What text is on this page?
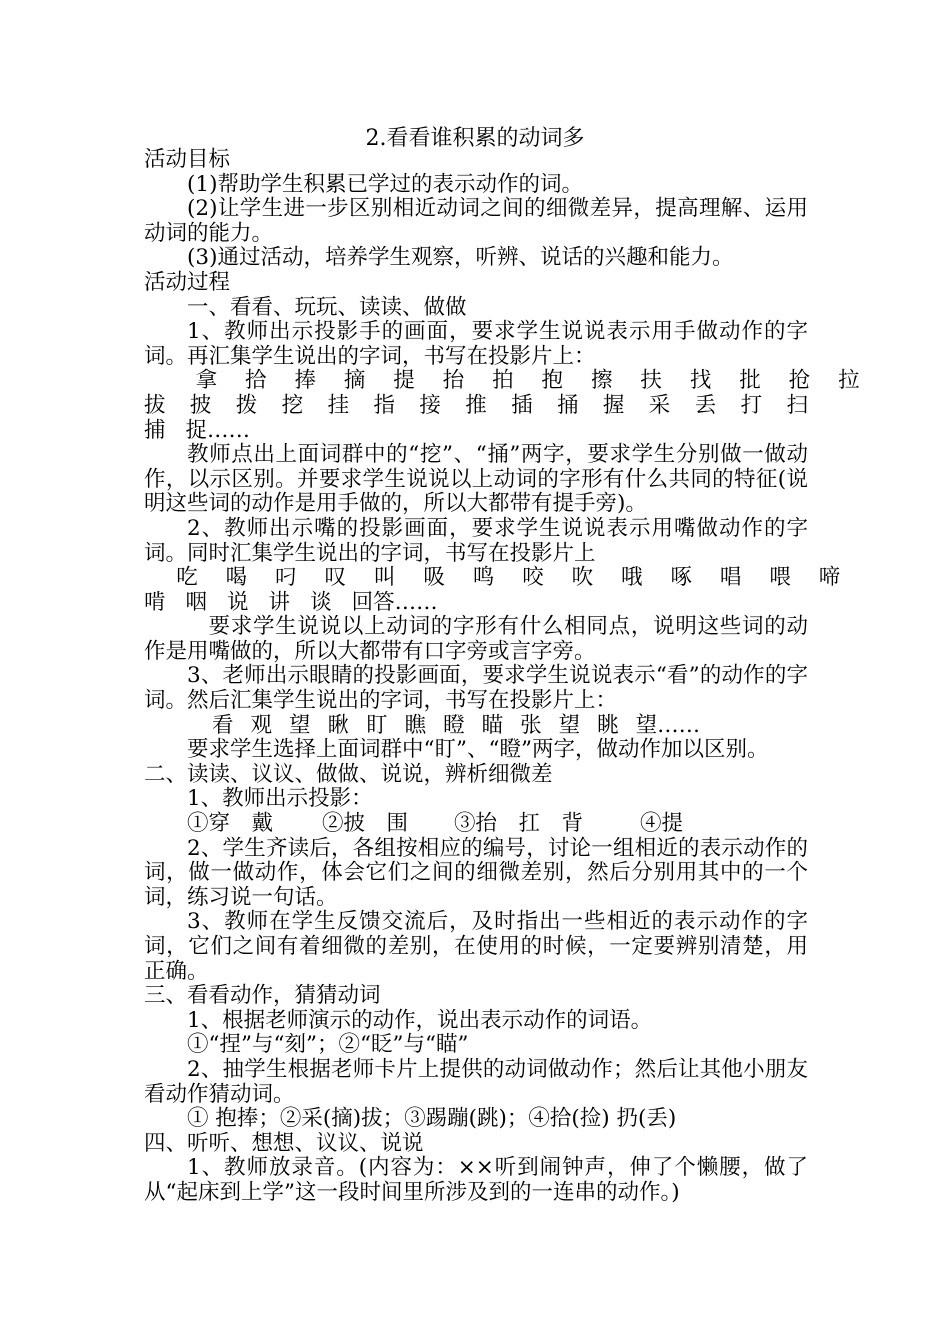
2.看看谁积累的动词多

活动目标

(1)帮助学生积累已学过的表示动作的词。

(2)让学生进一步区别相近动词之间的细微差异，提高理解、运用动词的能力。

(3)通过活动，培养学生观察，听辨、说话的兴趣和能力。

活动过程

一、看看、玩玩、读读、做做

1、教师出示投影手的画面，要求学生说说表示用手做动作的字词。再汇集学生说出的字词，书写在投影片上：

拿 拾 捧 摘 提 抬 拍 抱 擦 扶 找 批 抢 拉
拔 披 拨 挖 挂 指 接 推 插 捅 握 采 丢 打 扫
捕 捉……

教师点出上面词群中的“挖”、“捅”两字，要求学生分别做一做动作，以示区别。并要求学生说说以上动词的字形有什么共同的特征(说明这些词的动作是用手做的，所以大都带有提手旁)。

2、教师出示嘴的投影画面，要求学生说说表示用嘴做动作的字词。同时汇集学生说出的字词，书写在投影片上

吃 喝 叼 叹 叫 吸 鸣 咬 吹 哦 啄 唱 喂 啼
啃 咽 说 讲 谈 回答……

要求学生说说以上动词的字形有什么相同点，说明这些词的动作是用嘴做的，所以大都带有口字旁或言字旁。

3、老师出示眼睛的投影画面，要求学生说说表示“看”的动作的字词。然后汇集学生说出的字词，书写在投影片上：

看 观 望 瞅 盯 瞧 瞪 瞄 张 望 眺 望……

要求学生选择上面词群中“盯”、“瞪”两字，做动作加以区别。

二、读读、议议、做做、说说，辨析细微差

1、教师出示投影：

①穿　戴	②披　围	③抬　扛　背	④提

2、学生齐读后，各组按相应的编号，讨论一组相近的表示动作的词，做一做动作，体会它们之间的细微差别，然后分别用其中的一个词，练习说一句话。

3、教师在学生反馈交流后，及时指出一些相近的表示动作的字词，它们之间有着细微的差别，在使用的时候，一定要辨别清楚，用正确。

三、看看动作，猜猜动词

1、根据老师演示的动作，说出表示动作的词语。

①“捏”与“刻”；②“眨”与“瞄”

2、抽学生根据老师卡片上提供的动词做动作；然后让其他小朋友看动作猜动词。

① 抱捧；②采(摘)拔；③踢蹦(跳)；④拾(捡) 扔(丢)

四、听听、想想、议议、说说

1、教师放录音。(内容为：××听到闹钟声，伸了个懒腰，做了从“起床到上学”这一段时间里所涉及到的一连串的动作。)
